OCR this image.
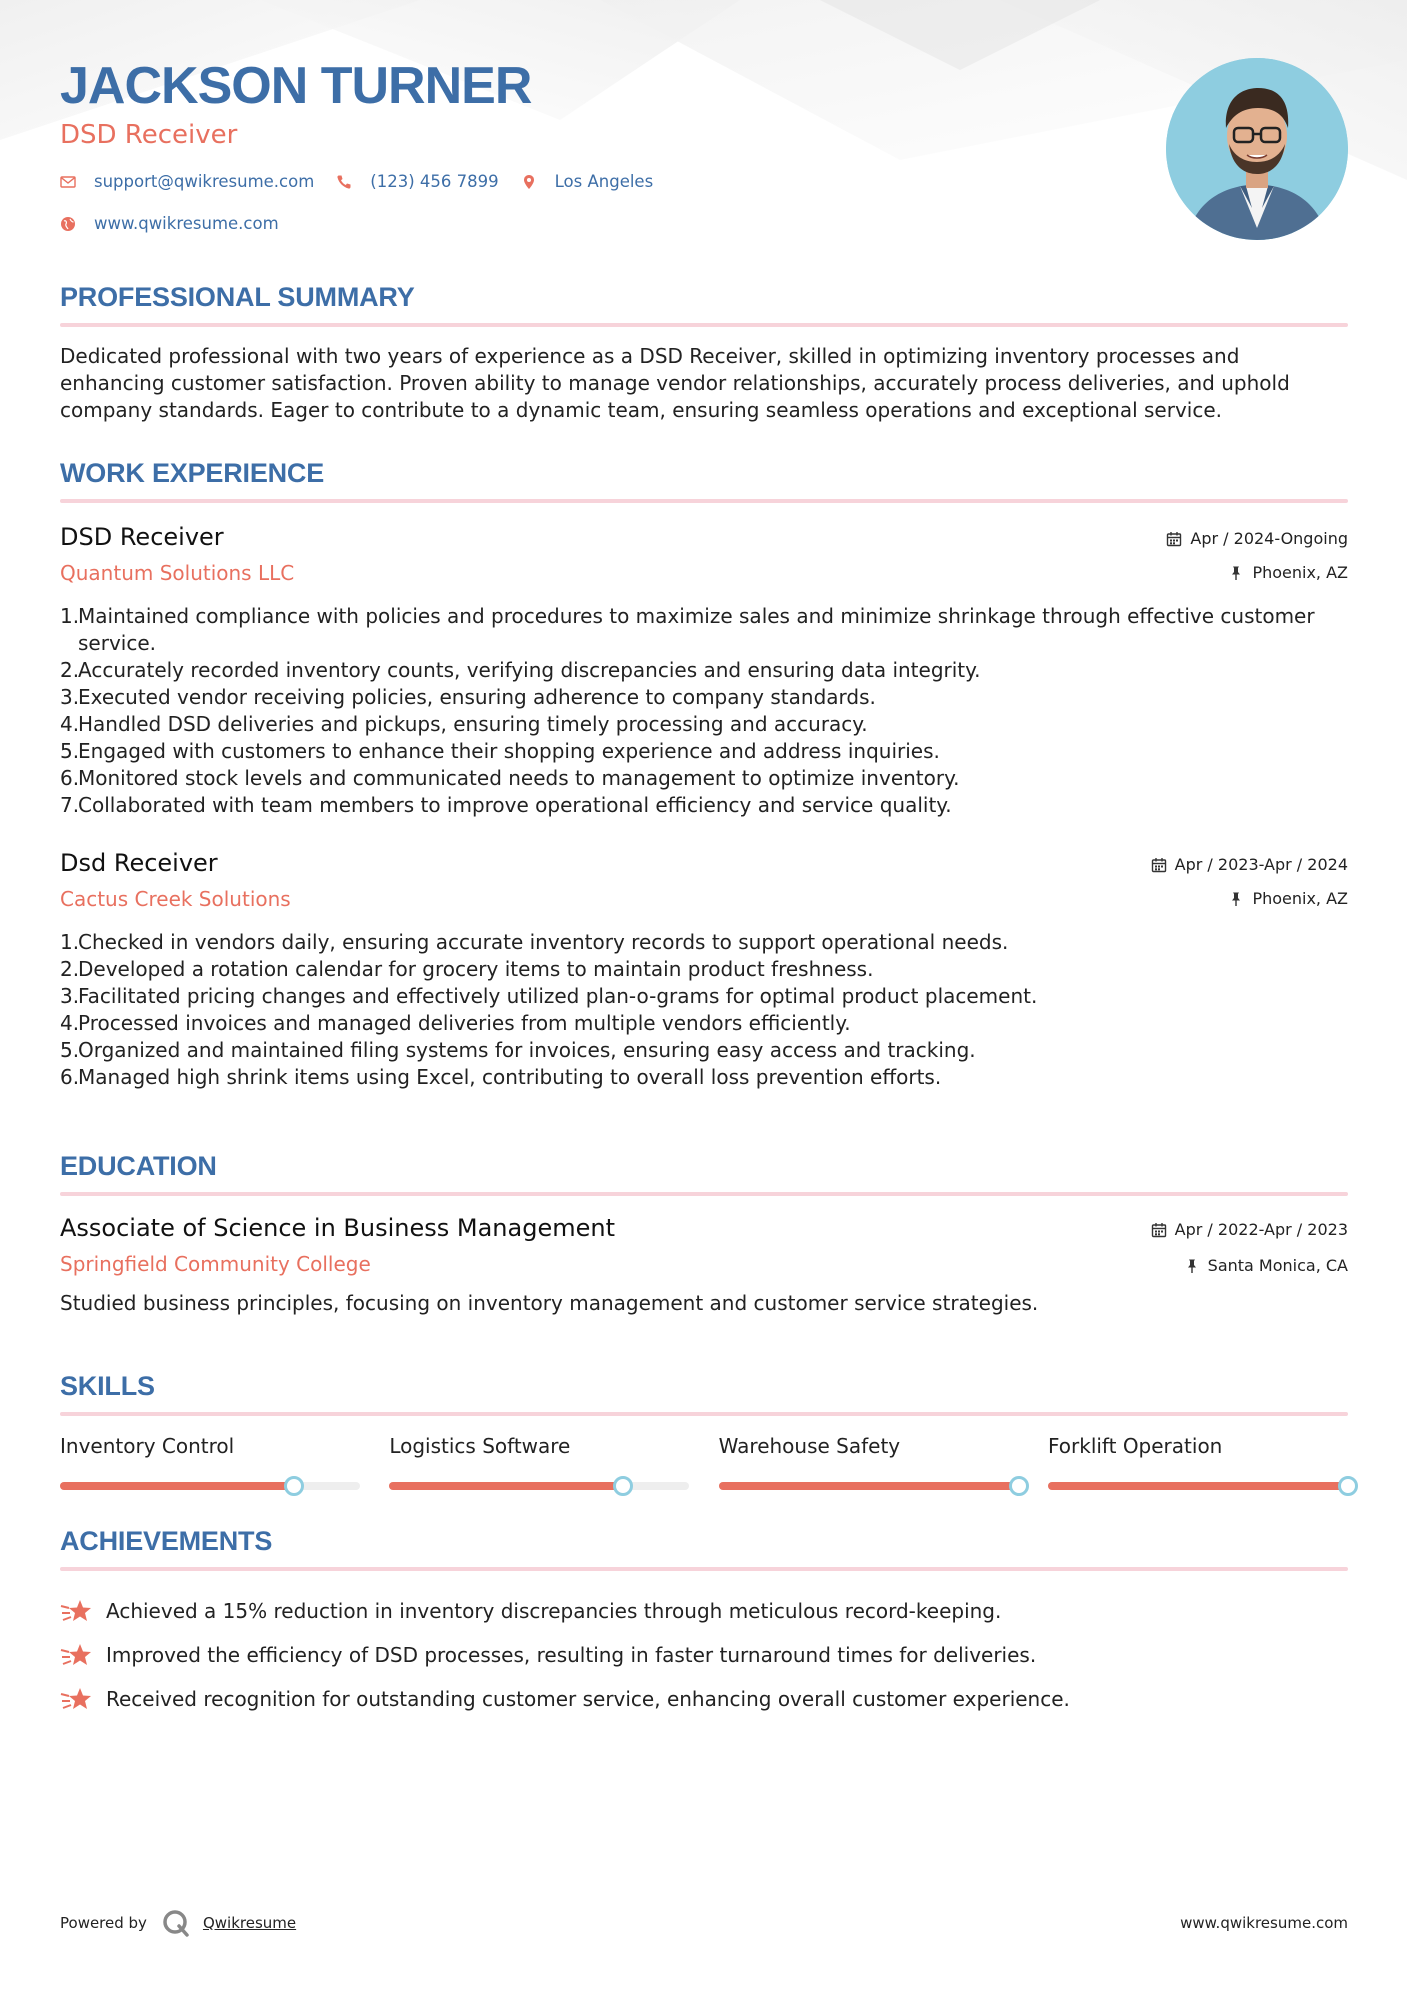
JACKSON TURNER
DSD Receiver
support@qwikresume.com	(123) 456 7899	Los Angeles
www.qwikresume.com
PROFESSIONAL SUMMARY
Dedicated professional with two years of experience as a DSD Receiver, skilled in optimizing inventory processes and enhancing customer satisfaction. Proven ability to manage vendor relationships, accurately process deliveries, and uphold company standards. Eager to contribute to a dynamic team, ensuring seamless operations and exceptional service.
WORK EXPERIENCE
DSD Receiver
Quantum Solutions LLC
Apr / 2024-Ongoing
Phoenix, AZ
1.
Maintained compliance with policies and procedures to maximize sales and minimize shrinkage through effective customer service.
2.
Accurately recorded inventory counts, verifying discrepancies and ensuring data integrity.
3.
Executed vendor receiving policies, ensuring adherence to company standards.
4.
Handled DSD deliveries and pickups, ensuring timely processing and accuracy.
5.
Engaged with customers to enhance their shopping experience and address inquiries.
6.
Monitored stock levels and communicated needs to management to optimize inventory.
7.
Collaborated with team members to improve operational efficiency and service quality.
Dsd Receiver
Cactus Creek Solutions
Apr / 2023-Apr / 2024
Phoenix, AZ
1.
Checked in vendors daily, ensuring accurate inventory records to support operational needs.
2.
Developed a rotation calendar for grocery items to maintain product freshness.
3.
Facilitated pricing changes and effectively utilized plan-o-grams for optimal product placement.
4.
Processed invoices and managed deliveries from multiple vendors efficiently.
5.
Organized and maintained filing systems for invoices, ensuring easy access and tracking.
6.
Managed high shrink items using Excel, contributing to overall loss prevention efforts.
EDUCATION
Associate of Science in Business Management
Springfield Community College
Apr / 2022-Apr / 2023
Santa Monica, CA
Studied business principles, focusing on inventory management and customer service strategies.
SKILLS
Inventory Control	Logistics Software	Warehouse Safety	Forklift Operation
ACHIEVEMENTS
Achieved a 15% reduction in inventory discrepancies through meticulous record-keeping.
Improved the efficiency of DSD processes, resulting in faster turnaround times for deliveries.
Received recognition for outstanding customer service, enhancing overall customer experience.
Powered by	Qwikresume	www.qwikresume.com
